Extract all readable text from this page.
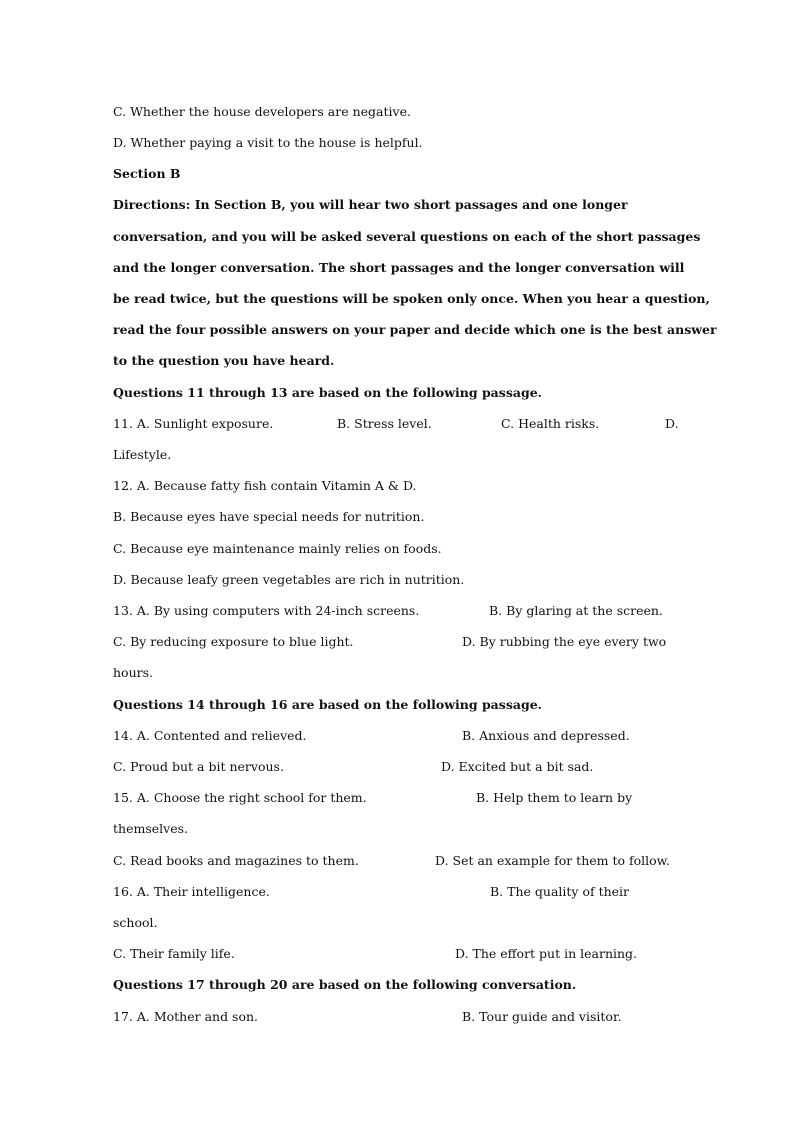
C. Whether the house developers are negative.
D. Whether paying a visit to the house is helpful.
Section B
Directions: In Section B, you will hear two short passages and one longer
conversation, and you will be asked several questions on each of the short passages
and the longer conversation. The short passages and the longer conversation will
be read twice, but the questions will be spoken only once. When you hear a question,
read the four possible answers on your paper and decide which one is the best answer
to the question you have heard.
Questions 11 through 13 are based on the following passage.
11. A. Sunlight exposure.	B. Stress level.	C. Health risks.	D.
Lifestyle.
12. A. Because fatty fish contain Vitamin A & D.
B. Because eyes have special needs for nutrition.
C. Because eye maintenance mainly relies on foods.
D. Because leafy green vegetables are rich in nutrition.
13. A. By using computers with 24-inch screens.	B. By glaring at the screen.
C. By reducing exposure to blue light.	D. By rubbing the eye every two
hours.
Questions 14 through 16 are based on the following passage.
14. A. Contented and relieved.	B. Anxious and depressed.
C. Proud but a bit nervous.	D. Excited but a bit sad.
15. A. Choose the right school for them.	B. Help them to learn by
themselves.
C. Read books and magazines to them.	D. Set an example for them to follow.
16. A. Their intelligence.	B. The quality of their
school.
C. Their family life.	D. The effort put in learning.
Questions 17 through 20 are based on the following conversation.
17. A. Mother and son.	B. Tour guide and visitor.
